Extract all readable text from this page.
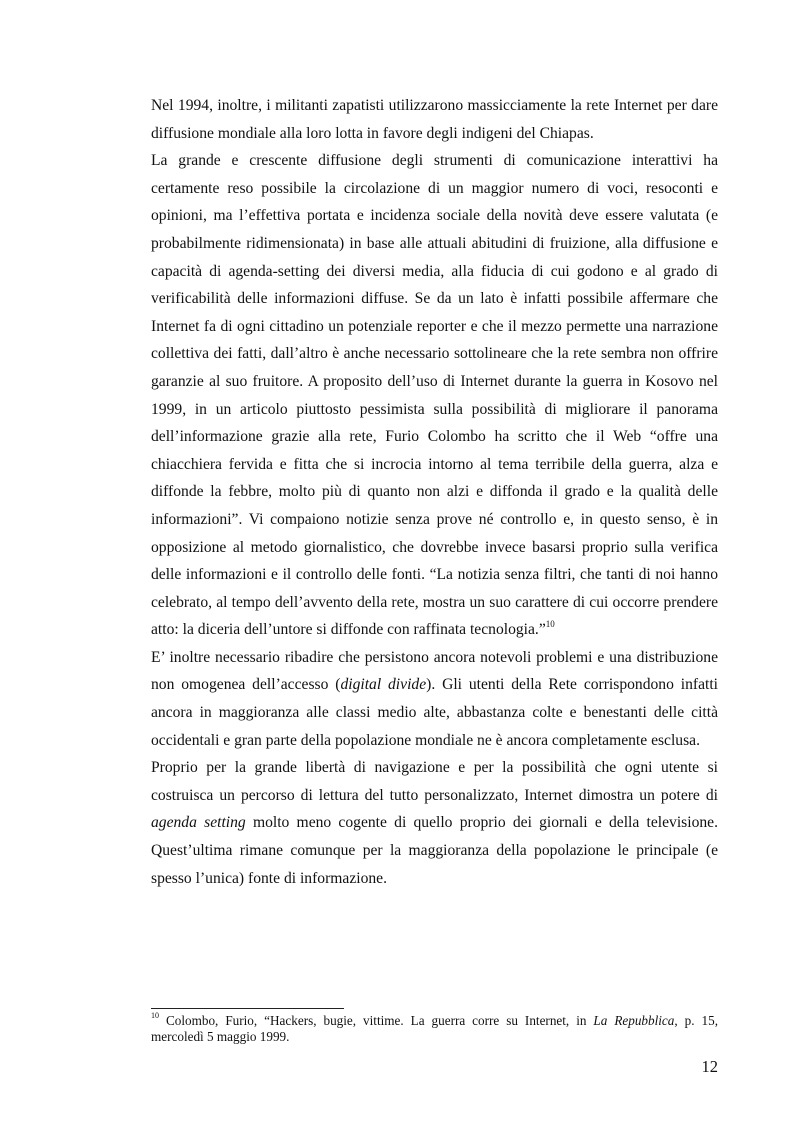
Nel 1994, inoltre, i militanti zapatisti utilizzarono massicciamente la rete Internet per dare diffusione mondiale alla loro lotta in favore degli indigeni del Chiapas.

La grande e crescente diffusione degli strumenti di comunicazione interattivi ha certamente reso possibile la circolazione di un maggior numero di voci, resoconti e opinioni, ma l’effettiva portata e incidenza sociale della novità deve essere valutata (e probabilmente ridimensionata) in base alle attuali abitudini di fruizione, alla diffusione e capacità di agenda-setting dei diversi media, alla fiducia di cui godono e al grado di verificabilità delle informazioni diffuse. Se da un lato è infatti possibile affermare che Internet fa di ogni cittadino un potenziale reporter e che il mezzo permette una narrazione collettiva dei fatti, dall’altro è anche necessario sottolineare che la rete sembra non offrire garanzie al suo fruitore. A proposito dell’uso di Internet durante la guerra in Kosovo nel 1999, in un articolo piuttosto pessimista sulla possibilità di migliorare il panorama dell’informazione grazie alla rete, Furio Colombo ha scritto che il Web “offre una chiacchiera fervida e fitta che si incrocia intorno al tema terribile della guerra, alza e diffonde la febbre, molto più di quanto non alzi e diffonda il grado e la qualità delle informazioni”. Vi compaiono notizie senza prove né controllo e, in questo senso, è in opposizione al metodo giornalistico, che dovrebbe invece basarsi proprio sulla verifica delle informazioni e il controllo delle fonti. “La notizia senza filtri, che tanti di noi hanno celebrato, al tempo dell’avvento della rete, mostra un suo carattere di cui occorre prendere atto: la diceria dell’untore si diffonde con raffinata tecnologia.”$^{10}$

E’ inoltre necessario ribadire che persistono ancora notevoli problemi e una distribuzione non omogenea dell’accesso (digital divide). Gli utenti della Rete corrispondono infatti ancora in maggioranza alle classi medio alte, abbastanza colte e benestanti delle città occidentali e gran parte della popolazione mondiale ne è ancora completamente esclusa.

Proprio per la grande libertà di navigazione e per la possibilità che ogni utente si costruisca un percorso di lettura del tutto personalizzato, Internet dimostra un potere di agenda setting molto meno cogente di quello proprio dei giornali e della televisione. Quest’ultima rimane comunque per la maggioranza della popolazione le principale (e spesso l’unica) fonte di informazione.

$^{10}$ Colombo, Furio, “Hackers, bugie, vittime. La guerra corre su Internet, in La Repubblica, p. 15, mercoledì 5 maggio 1999.
12
